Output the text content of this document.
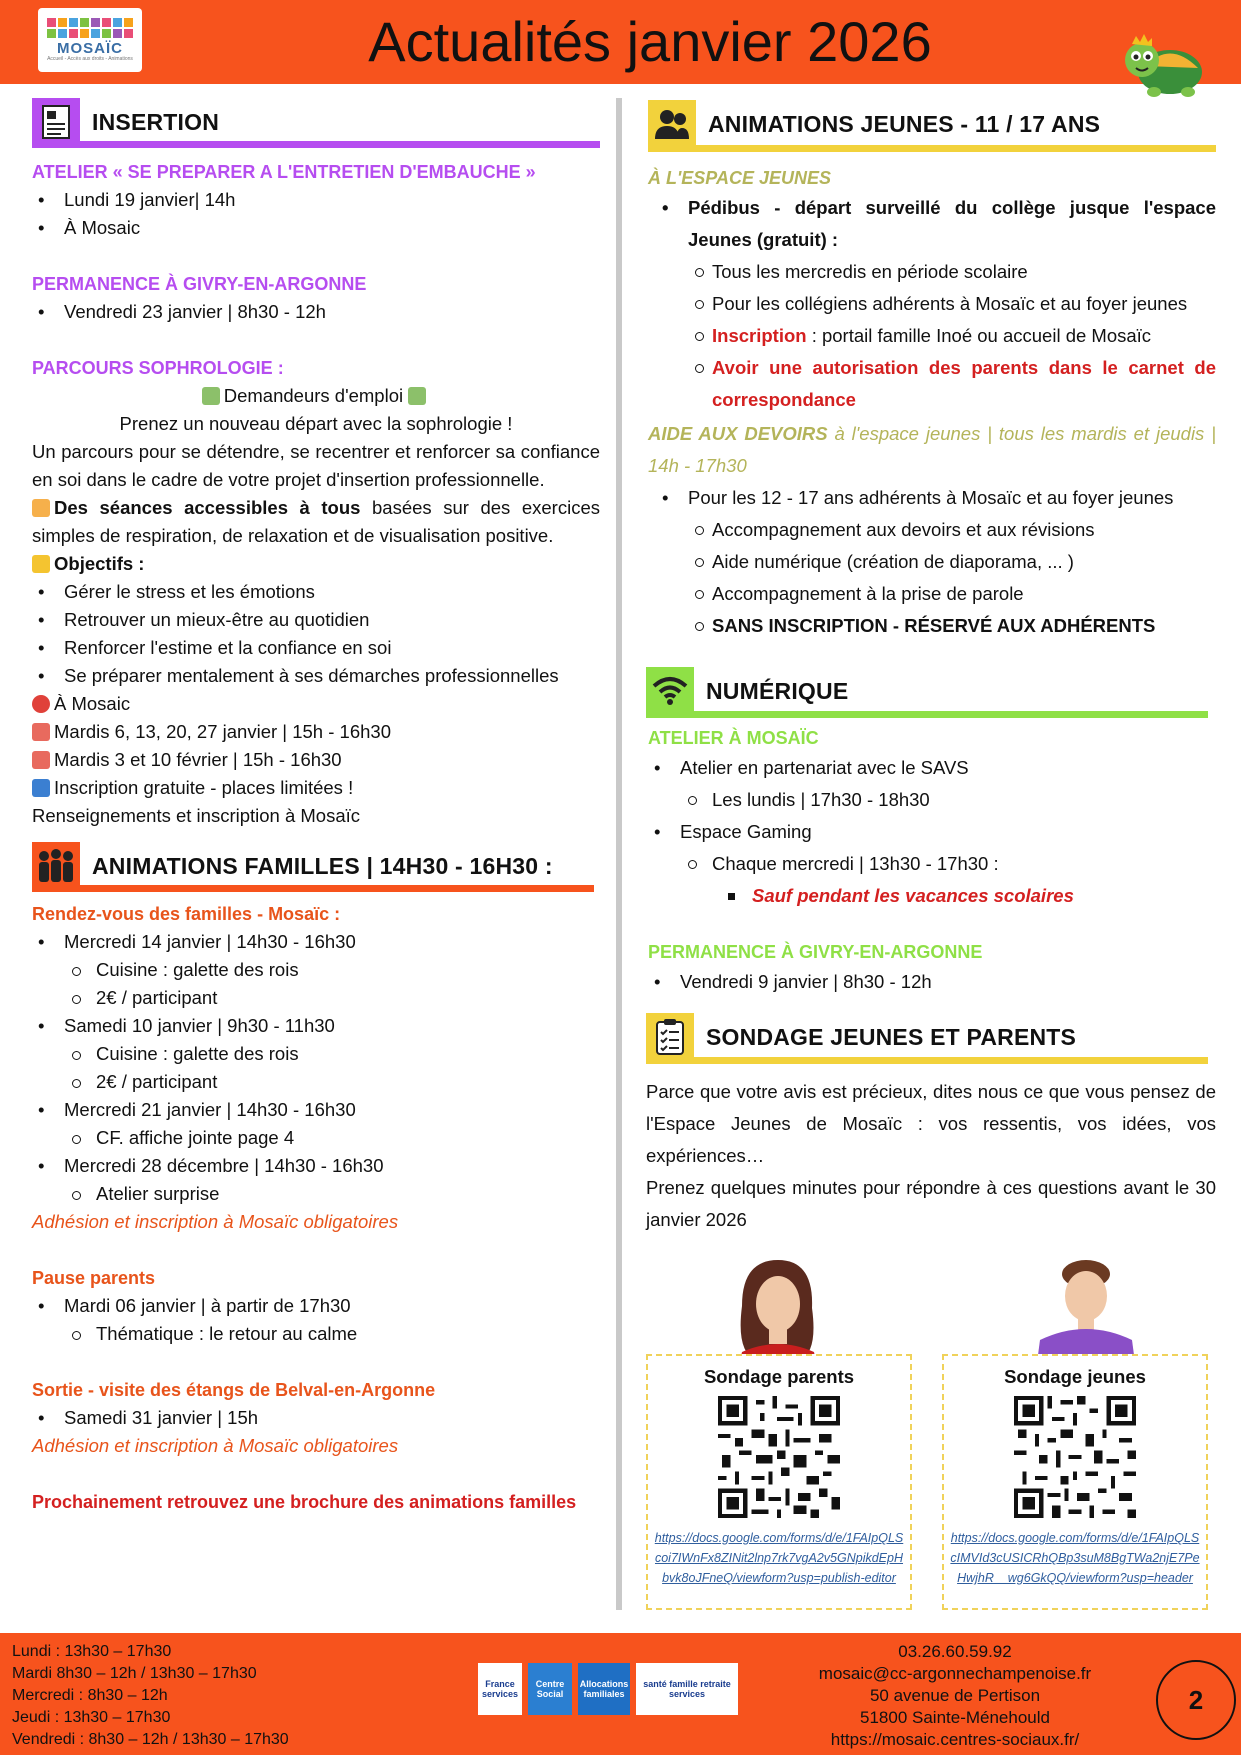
MOSAÏC
Accueil - Accès aux droits - Animations	Actualités janvier 2026
INSERTION
ATELIER « SE PREPARER A L'ENTRETIEN D'EMBAUCHE »
• Lundi 19 janvier| 14h
• À Mosaic
PERMANENCE À GIVRY-EN-ARGONNE
• Vendredi 23 janvier | 8h30 - 12h
PARCOURS SOPHROLOGIE :
Demandeurs d'emploi
Prenez un nouveau départ avec la sophrologie !
Un parcours pour se détendre, se recentrer et renforcer sa confiance en soi dans le cadre de votre projet d'insertion professionnelle.
Des séances accessibles à tous basées sur des exercices simples de respiration, de relaxation et de visualisation positive.
Objectifs :
• Gérer le stress et les émotions
• Retrouver un mieux-être au quotidien
• Renforcer l'estime et la confiance en soi
• Se préparer mentalement à ses démarches professionnelles
À Mosaic
Mardis 6, 13, 20, 27 janvier | 15h - 16h30
Mardis 3 et 10 février | 15h - 16h30
Inscription gratuite - places limitées !
Renseignements et inscription à Mosaïc
ANIMATIONS FAMILLES | 14H30 - 16H30 :
Rendez-vous des familles - Mosaïc :
• Mercredi 14 janvier | 14h30 - 16h30
Cuisine : galette des rois
2€ / participant
• Samedi 10 janvier | 9h30 - 11h30
Cuisine : galette des rois
2€ / participant
• Mercredi 21 janvier | 14h30 - 16h30
CF. affiche jointe page 4
• Mercredi 28 décembre | 14h30 - 16h30
Atelier surprise
Adhésion et inscription à Mosaïc obligatoires
Pause parents
• Mardi 06 janvier | à partir de 17h30
Thématique : le retour au calme
Sortie - visite des étangs de Belval-en-Argonne
• Samedi 31 janvier | 15h
Adhésion et inscription à Mosaïc obligatoires
Prochainement retrouvez une brochure des animations familles
ANIMATIONS JEUNES - 11 / 17 ANS
À L'ESPACE JEUNES
• Pédibus - départ surveillé du collège jusque l'espace Jeunes (gratuit) :
Tous les mercredis en période scolaire
Pour les collégiens adhérents à Mosaïc et au foyer jeunes
Inscription : portail famille Inoé ou accueil de Mosaïc
Avoir une autorisation des parents dans le carnet de correspondance
AIDE AUX DEVOIRS à l'espace jeunes | tous les mardis et jeudis | 14h - 17h30
• Pour les 12 - 17 ans adhérents à Mosaïc et au foyer jeunes
Accompagnement aux devoirs et aux révisions
Aide numérique (création de diaporama, ... )
Accompagnement à la prise de parole
SANS INSCRIPTION - RÉSERVÉ AUX ADHÉRENTS
NUMÉRIQUE
ATELIER À MOSAÏC
• Atelier en partenariat avec le SAVS
Les lundis | 17h30 - 18h30
• Espace Gaming
Chaque mercredi | 13h30 - 17h30 :
Sauf pendant les vacances scolaires
PERMANENCE À GIVRY-EN-ARGONNE
• Vendredi 9 janvier | 8h30 - 12h
SONDAGE JEUNES ET PARENTS
Parce que votre avis est précieux, dites nous ce que vous pensez de l'Espace Jeunes de Mosaïc : vos ressentis, vos idées, vos expériences…
Prenez quelques minutes pour répondre à ces questions avant le 30 janvier 2026
Sondage parents
https://docs.google.com/forms/d/e/1FAIpQLScoi7IWnFx8ZINit2lnp7rk7vgA2v5GNpikdEpHbvk8oJFneQ/viewform?usp=publish-editor
Sondage jeunes
https://docs.google.com/forms/d/e/1FAIpQLScIMVId3cUSICRhQBp3suM8BgTWa2njE7PeHwjhR__wg6GkQQ/viewform?usp=header
Lundi : 13h30 – 17h30
Mardi 8h30 – 12h / 13h30 – 17h30
Mercredi : 8h30 – 12h
Jeudi : 13h30 – 17h30
Vendredi : 8h30 – 12h / 13h30 – 17h30
France services
Centre Social
Allocations familiales
santé famille retraite services
03.26.60.59.92
mosaic@cc-argonnechampenoise.fr
50 avenue de Pertison
51800 Sainte-Ménehould
https://mosaic.centres-sociaux.fr/
2
